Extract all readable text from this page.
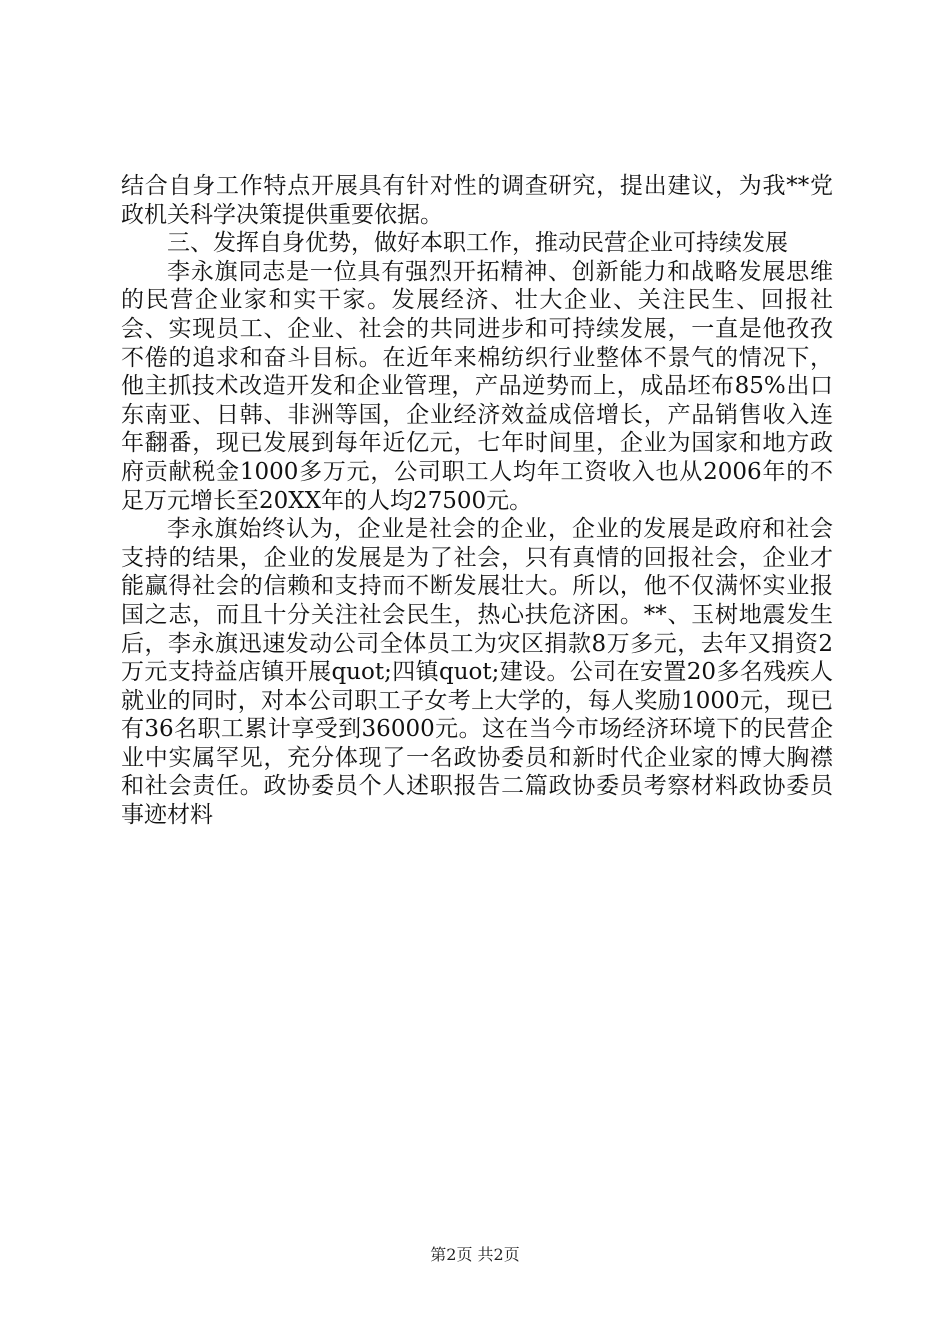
结合自身工作特点开展具有针对性的调查研究，提出建议，为我**党政机关科学决策提供重要依据。

三、发挥自身优势，做好本职工作，推动民营企业可持续发展

李永旗同志是一位具有强烈开拓精神、创新能力和战略发展思维的民营企业家和实干家。发展经济、壮大企业、关注民生、回报社会、实现员工、企业、社会的共同进步和可持续发展，一直是他孜孜不倦的追求和奋斗目标。在近年来棉纺织行业整体不景气的情况下，他主抓技术改造开发和企业管理，产品逆势而上，成品坯布85%出口东南亚、日韩、非洲等国，企业经济效益成倍增长，产品销售收入连年翻番，现已发展到每年近亿元，七年时间里，企业为国家和地方政府贡献税金1000多万元，公司职工人均年工资收入也从2006年的不足万元增长至20XX年的人均27500元。

李永旗始终认为，企业是社会的企业，企业的发展是政府和社会支持的结果，企业的发展是为了社会，只有真情的回报社会，企业才能赢得社会的信赖和支持而不断发展壮大。所以，他不仅满怀实业报国之志，而且十分关注社会民生，热心扶危济困。**、玉树地震发生后，李永旗迅速发动公司全体员工为灾区捐款8万多元，去年又捐资2万元支持益店镇开展quot;四镇quot;建设。公司在安置20多名残疾人就业的同时，对本公司职工子女考上大学的，每人奖励1000元，现已有36名职工累计享受到36000元。这在当今市场经济环境下的民营企业中实属罕见，充分体现了一名政协委员和新时代企业家的博大胸襟和社会责任。政协委员个人述职报告二篇政协委员考察材料政协委员事迹材料

第2页 共2页
